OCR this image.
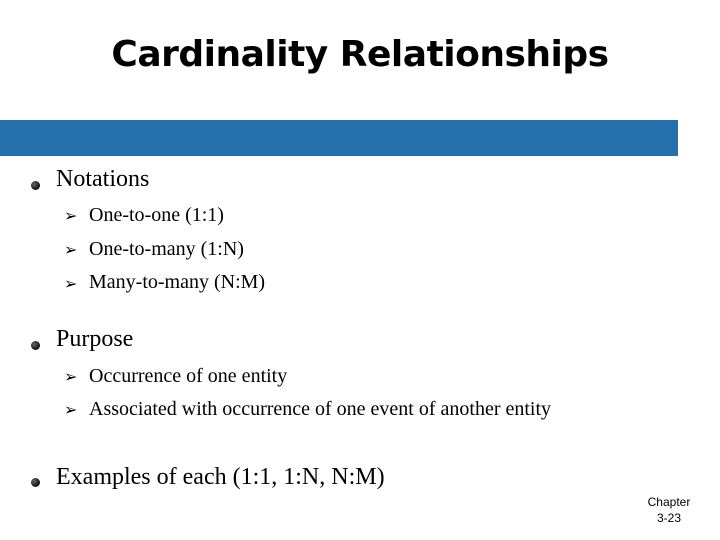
Cardinality Relationships
Notations
➢ One-to-one (1:1)
➢ One-to-many (1:N)
➢ Many-to-many (N:M)
Purpose
➢ Occurrence of one entity
➢ Associated with occurrence of one event of another entity
Examples of each (1:1, 1:N, N:M)
Chapter
3-23
